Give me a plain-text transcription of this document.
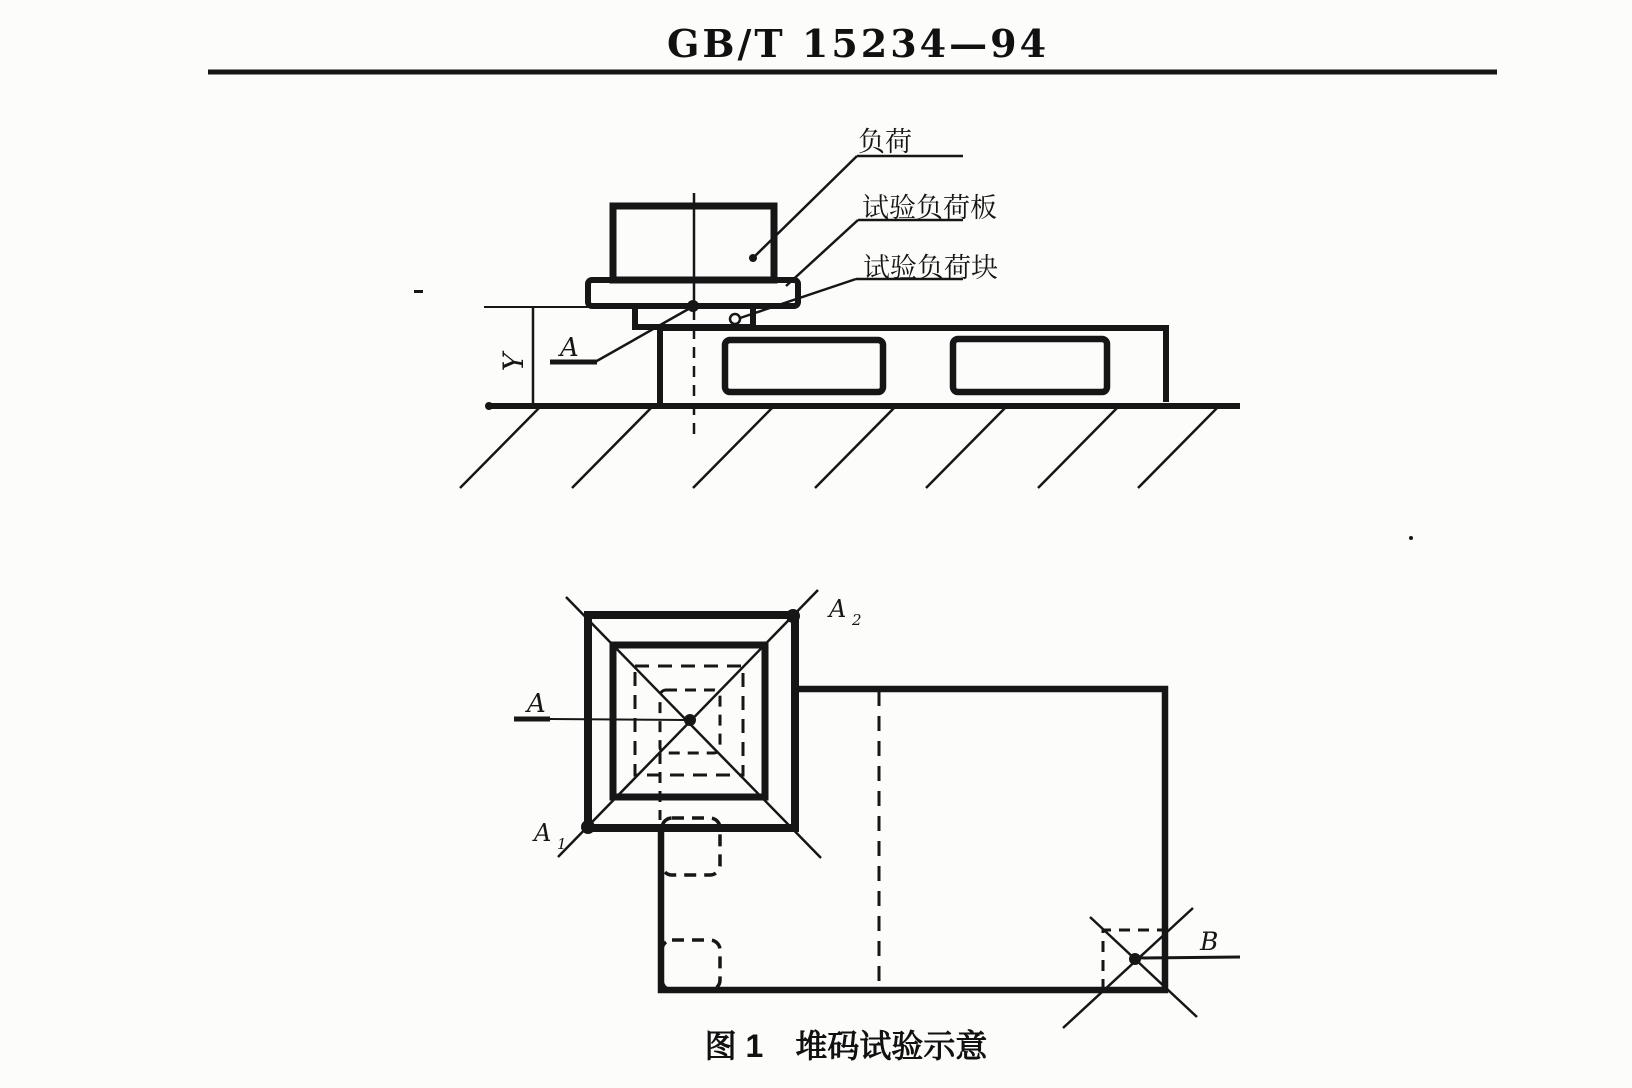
GB/T 15234—94
Y A
负荷
试验负荷板
试验负荷块
A
A 1
A 2
B
图 1　堆码试验示意
